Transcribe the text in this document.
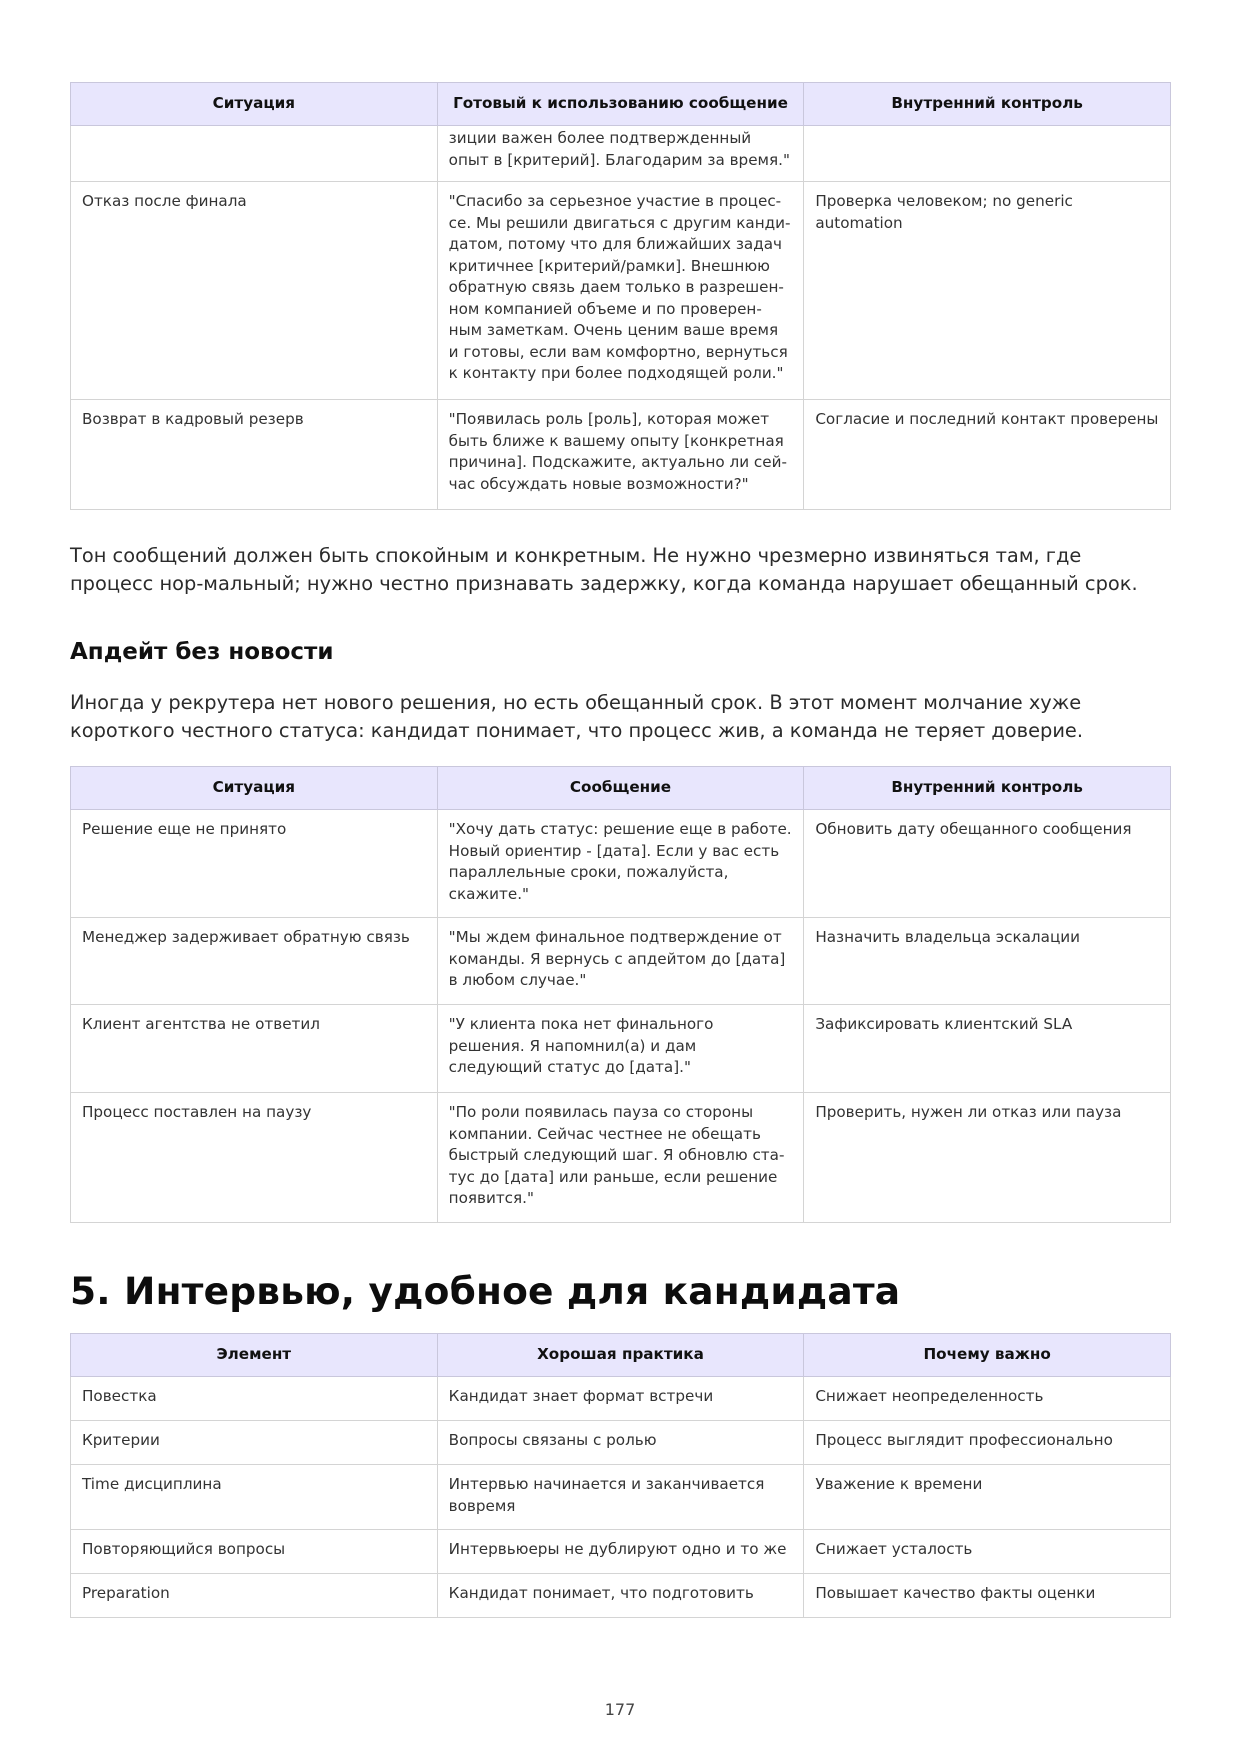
Ситуация	Готовый к использованию сообщение	Внутренний контроль
	зиции важен более подтвержденный опыт в [критерий]. Благодарим за время."	
Отказ после финала	"Спасибо за серьезное участие в процес-се. Мы решили двигаться с другим канди-датом, потому что для ближайших задач критичнее [критерий/рамки]. Внешнюю обратную связь даем только в разрешен-ном компанией объеме и по проверен-ным заметкам. Очень ценим ваше время и готовы, если вам комфортно, вернуться к контакту при более подходящей роли."	Проверка человеком; no generic automation
Возврат в кадровый резерв	"Появилась роль [роль], которая может быть ближе к вашему опыту [конкретная причина]. Подскажите, актуально ли сей-час обсуждать новые возможности?"	Согласие и последний контакт проверены

Тон сообщений должен быть спокойным и конкретным. Не нужно чрезмерно извиняться там, где процесс нор-мальный; нужно честно признавать задержку, когда команда нарушает обещанный срок.

Апдейт без новости

Иногда у рекрутера нет нового решения, но есть обещанный срок. В этот момент молчание хуже короткого честного статуса: кандидат понимает, что процесс жив, а команда не теряет доверие.

Ситуация	Сообщение	Внутренний контроль
Решение еще не принято	"Хочу дать статус: решение еще в работе. Новый ориентир - [дата]. Если у вас есть параллельные сроки, пожалуйста, скажите."	Обновить дату обещанного сообщения
Менеджер задерживает обратную связь	"Мы ждем финальное подтверждение от команды. Я вернусь с апдейтом до [дата] в любом случае."	Назначить владельца эскалации
Клиент агентства не ответил	"У клиента пока нет финального решения. Я напомнил(а) и дам следующий статус до [дата]."	Зафиксировать клиентский SLA
Процесс поставлен на паузу	"По роли появилась пауза со стороны компании. Сейчас честнее не обещать быстрый следующий шаг. Я обновлю ста-тус до [дата] или раньше, если решение появится."	Проверить, нужен ли отказ или пауза
5. Интервью, удобное для кандидата
Элемент	Хорошая практика	Почему важно
Повестка	Кандидат знает формат встречи	Снижает неопределенность
Критерии	Вопросы связаны с ролью	Процесс выглядит профессионально
Time дисциплина	Интервью начинается и заканчивается вовремя	Уважение к времени
Повторяющийся вопросы	Интервьюеры не дублируют одно и то же	Снижает усталость
Preparation	Кандидат понимает, что подготовить	Повышает качество факты оценки
177
